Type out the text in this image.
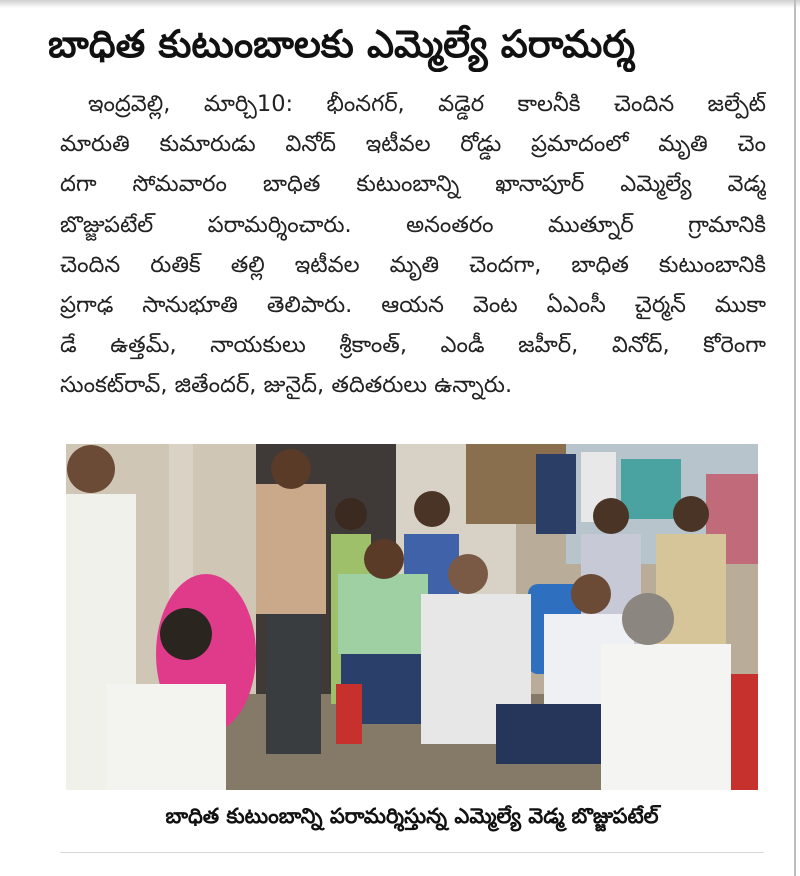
బాధిత కుటుంబాలకు ఎమ్మెల్యే పరామర్శ
ఇంద్రవెల్లి, మార్చి10: భీంనగర్, వడ్డెర కాలనీకి చెందిన జల్పేట్
మారుతి కుమారుడు వినోద్ ఇటీవల రోడ్డు ప్రమాదంలో మృతి చెం
దగా సోమవారం బాధిత కుటుంబాన్ని ఖానాపూర్ ఎమ్మెల్యే వెడ్మ
బొజ్జుపటేల్ పరామర్శించారు. అనంతరం ముత్నూర్ గ్రామానికి
చెందిన రుతిక్ తల్లి ఇటీవల మృతి చెందగా, బాధిత కుటుంబానికి
ప్రగాఢ సానుభూతి తెలిపారు. ఆయన వెంట ఏఎంసీ చైర్మన్ ముకా
డే ఉత్తమ్, నాయకులు శ్రీకాంత్, ఎండీ జహీర్, వినోద్, కోరెంగా
సుంకట్‌రావ్, జితేందర్, జునైద్, తదితరులు ఉన్నారు.
బాధిత కుటుంబాన్ని పరామర్శిస్తున్న ఎమ్మెల్యే వెడ్మ బొజ్జుపటేల్
